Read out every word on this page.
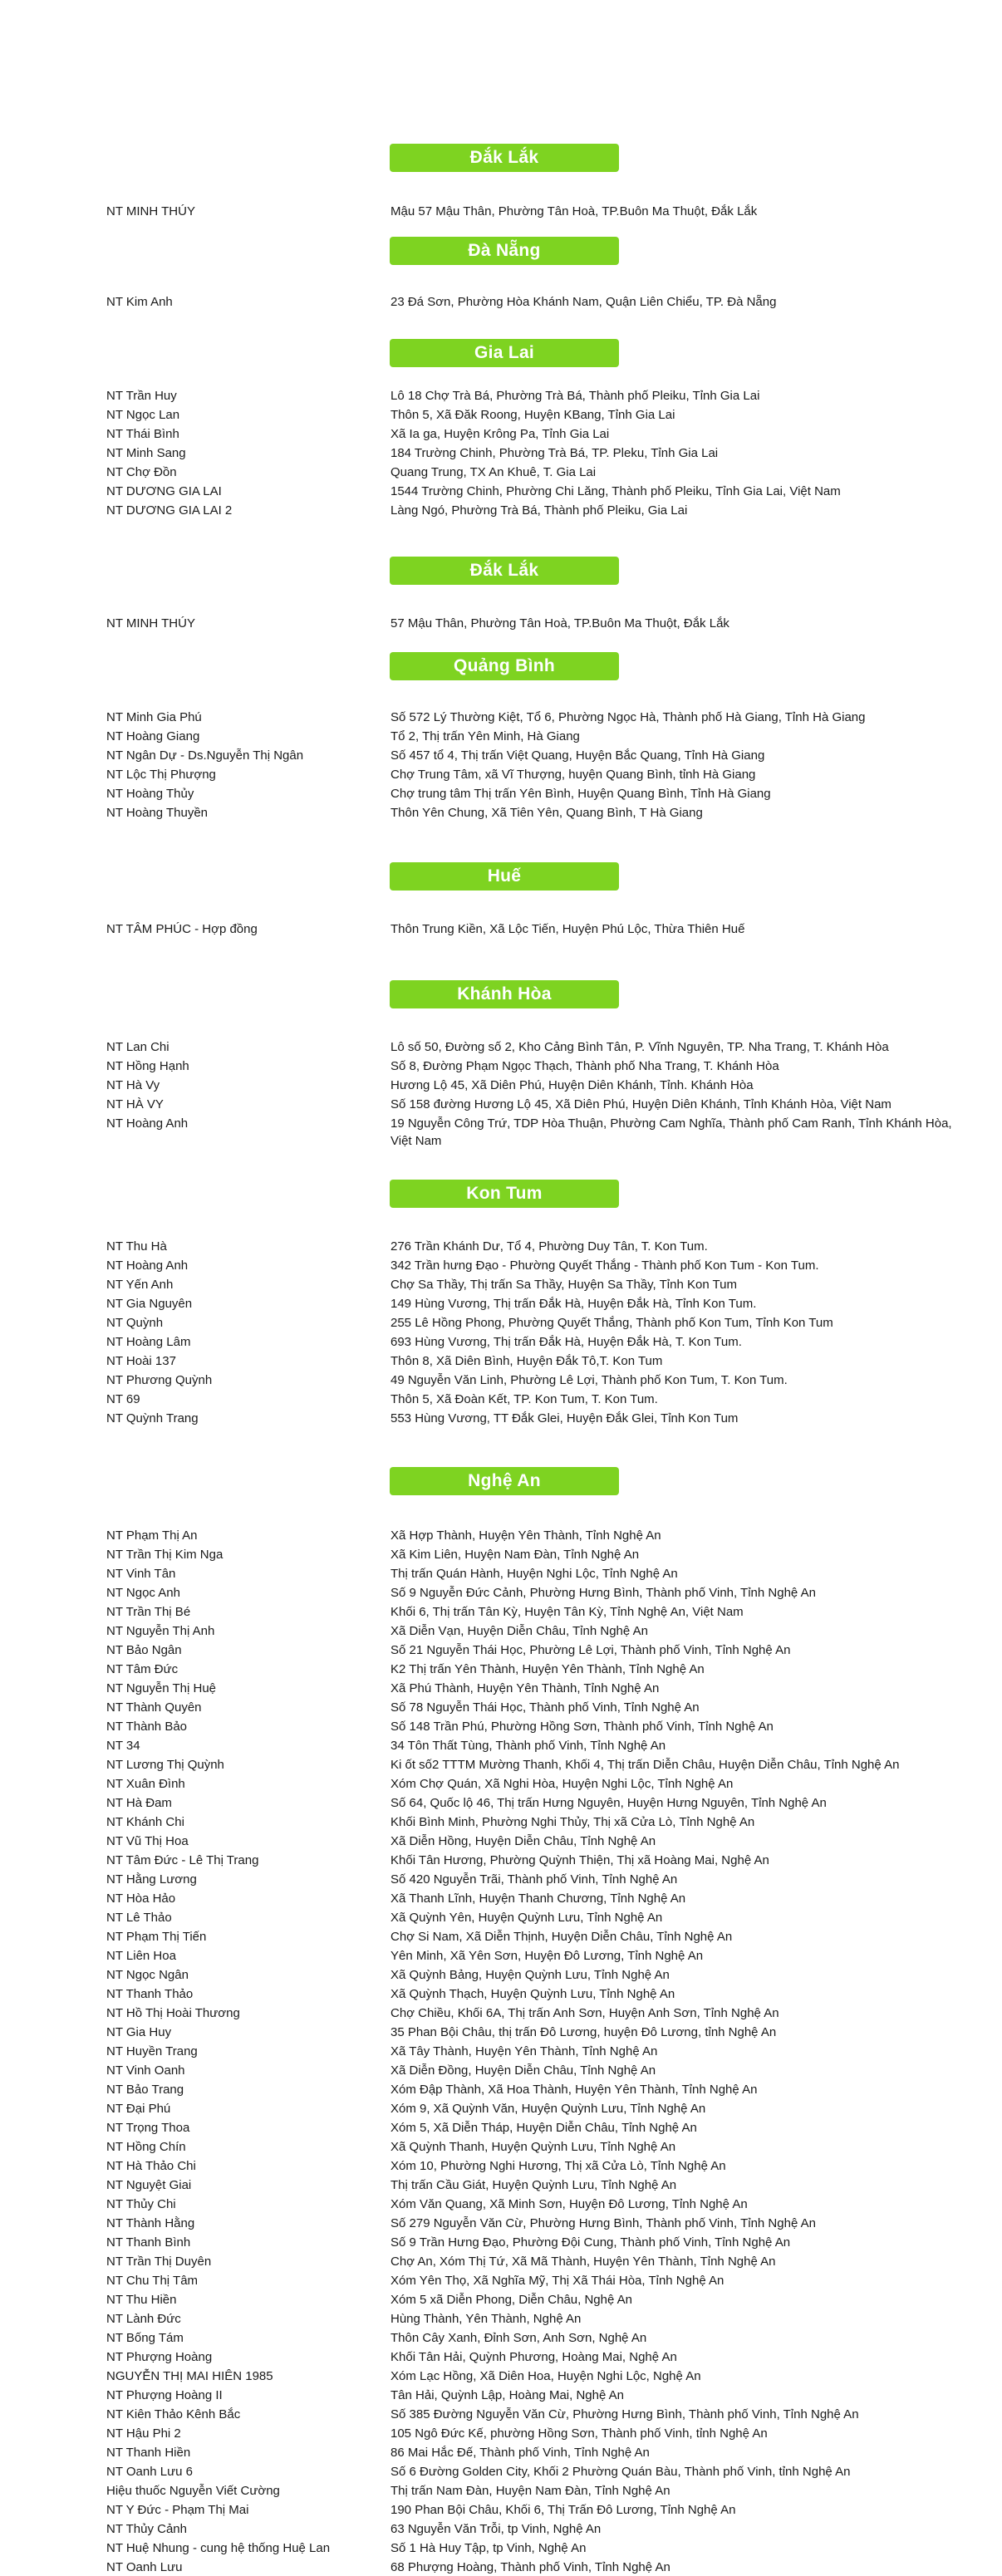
Đắk Lắk
NT MINH THÚY	Mậu 57 Mậu Thân, Phường Tân Hoà, TP.Buôn Ma Thuột, Đắk Lắk
Đà Nẵng
NT Kim Anh	23 Đá Sơn, Phường Hòa Khánh Nam, Quận Liên Chiểu, TP. Đà Nẵng
Gia Lai
NT Trần Huy	Lô 18 Chợ Trà Bá, Phường Trà Bá, Thành phố Pleiku, Tỉnh Gia Lai
NT Ngọc Lan	Thôn 5, Xã Đăk Roong, Huyện KBang, Tỉnh Gia Lai
NT Thái Bình	Xã Ia ga, Huyện Krông Pa, Tỉnh Gia Lai
NT Minh Sang	184 Trường Chinh, Phường Trà Bá, TP. Pleku, Tỉnh Gia Lai
NT Chợ Đồn	Quang Trung, TX An Khuê, T. Gia Lai
NT DƯƠNG GIA LAI	1544 Trường Chinh, Phường Chi Lăng, Thành phố Pleiku, Tỉnh Gia Lai, Việt Nam
NT DƯƠNG GIA LAI 2	Làng Ngó, Phường Trà Bá, Thành phố Pleiku, Gia Lai
Đắk Lắk
NT MINH THÚY	57 Mậu Thân, Phường Tân Hoà, TP.Buôn Ma Thuột, Đắk Lắk
Quảng Bình
NT Minh Gia Phú	Số 572 Lý Thường Kiệt, Tổ 6, Phường Ngọc Hà, Thành phố Hà Giang, Tỉnh Hà Giang
NT Hoàng Giang	Tổ 2, Thị trấn Yên Minh, Hà Giang
NT Ngân Dự - Ds.Nguyễn Thị Ngân	Số 457 tổ 4, Thị trấn Việt Quang, Huyện Bắc Quang, Tỉnh Hà Giang
NT Lộc Thị Phượng	Chợ Trung Tâm, xã Vĩ Thượng, huyện Quang Bình, tỉnh Hà Giang
NT Hoàng Thủy	Chợ trung tâm Thị trấn Yên Bình, Huyện Quang Bình, Tỉnh Hà Giang
NT Hoàng Thuyền	Thôn Yên Chung, Xã Tiên Yên, Quang Bình, T Hà Giang
Huế
NT TÂM PHÚC - Hợp đồng	Thôn Trung Kiền, Xã Lộc Tiến, Huyện Phú Lộc, Thừa Thiên Huế
Khánh Hòa
NT Lan Chi	Lô số 50, Đường số 2, Kho Cảng Bình Tân, P. Vĩnh Nguyên, TP. Nha Trang, T. Khánh Hòa
NT Hồng Hạnh	Số 8, Đường Phạm Ngọc Thạch, Thành phố Nha Trang, T. Khánh Hòa
NT Hà Vy	Hương Lộ 45, Xã Diên Phú, Huyện Diên Khánh, Tỉnh. Khánh Hòa
NT HÀ VY	Số 158 đường Hương Lộ 45, Xã Diên Phú, Huyện Diên Khánh, Tỉnh Khánh Hòa, Việt Nam
NT Hoàng Anh	19 Nguyễn Công Trứ, TDP Hòa Thuận, Phường Cam Nghĩa, Thành phố Cam Ranh, Tỉnh Khánh Hòa, Việt Nam
Kon Tum
NT Thu Hà	276 Trần Khánh Dư, Tổ 4, Phường Duy Tân, T. Kon Tum.
NT Hoàng Anh	342 Trần hưng Đạo - Phường Quyết Thắng - Thành phố Kon Tum - Kon Tum.
NT Yến Anh	Chợ Sa Thầy, Thị trấn Sa Thầy, Huyện Sa Thầy, Tỉnh Kon Tum
NT Gia Nguyên	149 Hùng Vương, Thị trấn Đắk Hà, Huyện Đắk Hà, Tỉnh Kon Tum.
NT Quỳnh	255 Lê Hồng Phong, Phường Quyết Thắng, Thành phố Kon Tum, Tỉnh Kon Tum
NT Hoàng Lâm	693 Hùng Vương, Thị trấn Đắk Hà, Huyện Đắk Hà, T. Kon Tum.
NT Hoài 137	Thôn 8, Xã Diên Bình, Huyện Đắk Tô,T. Kon Tum
NT Phương Quỳnh	49 Nguyễn Văn Linh, Phường Lê Lợi, Thành phố Kon Tum, T. Kon Tum.
NT 69	Thôn 5, Xã Đoàn Kết, TP. Kon Tum, T. Kon Tum.
NT Quỳnh Trang	553 Hùng Vương, TT Đắk Glei, Huyện Đắk Glei, Tỉnh Kon Tum
Nghệ An
NT Phạm Thị An	Xã Hợp Thành, Huyện Yên Thành, Tỉnh Nghệ An
NT Trần Thị Kim Nga	Xã Kim Liên, Huyện Nam Đàn, Tỉnh Nghệ An
NT Vinh Tân	Thị trấn Quán Hành, Huyện Nghi Lộc, Tỉnh Nghệ An
NT Ngọc Anh	Số 9 Nguyễn Đức Cảnh, Phường Hưng Bình, Thành phố Vinh, Tỉnh Nghệ An
NT Trần Thị Bé	Khối 6, Thị trấn Tân Kỳ, Huyện Tân Kỳ, Tỉnh Nghệ An, Việt Nam
NT Nguyễn Thị Anh	Xã Diễn Vạn, Huyện Diễn Châu, Tỉnh Nghệ An
NT Bảo Ngân	Số 21 Nguyễn Thái Học, Phường Lê Lợi, Thành phố Vinh, Tỉnh Nghệ An
NT Tâm Đức	K2 Thị trấn Yên Thành, Huyện Yên Thành, Tỉnh Nghệ An
NT Nguyễn Thị Huệ	Xã Phú Thành, Huyện Yên Thành, Tỉnh Nghệ An
NT Thành Quyên	Số 78 Nguyễn Thái Học, Thành phố Vinh, Tỉnh Nghệ An
NT Thành Bảo	Số 148 Trần Phú, Phường Hồng Sơn, Thành phố Vinh, Tỉnh Nghệ An
NT 34	34 Tôn Thất Tùng, Thành phố Vinh, Tỉnh Nghệ An
NT Lương Thị Quỳnh	Ki ốt số2 TTTM Mường Thanh, Khối 4, Thị trấn Diễn Châu, Huyện Diễn Châu, Tỉnh Nghệ An
NT Xuân Đình	Xóm Chợ Quán, Xã Nghi Hòa, Huyện Nghi Lộc, Tỉnh Nghệ An
NT Hà Đam	Số 64, Quốc lộ 46, Thị trấn Hưng Nguyên, Huyện Hưng Nguyên, Tỉnh Nghệ An
NT Khánh Chi	Khối Bình Minh, Phường Nghi Thủy, Thị xã Cửa Lò, Tỉnh Nghệ An
NT Vũ Thị Hoa	Xã Diễn Hồng, Huyện Diễn Châu, Tỉnh Nghệ An
NT Tâm Đức - Lê Thị Trang	Khối Tân Hương, Phường Quỳnh Thiện, Thị xã Hoàng Mai, Nghệ An
NT Hằng Lương	Số 420 Nguyễn Trãi, Thành phố Vinh, Tỉnh Nghệ An
NT Hòa Hảo	Xã Thanh Lĩnh, Huyện Thanh Chương, Tỉnh Nghệ An
NT Lê Thảo	Xã Quỳnh Yên, Huyện Quỳnh Lưu, Tỉnh Nghệ An
NT Phạm Thị Tiến	Chợ Si Nam, Xã Diễn Thịnh, Huyện Diễn Châu, Tỉnh Nghệ An
NT Liên Hoa	Yên Minh, Xã Yên Sơn, Huyện Đô Lương, Tỉnh Nghệ An
NT Ngọc Ngân	Xã Quỳnh Bảng, Huyện Quỳnh Lưu, Tỉnh Nghệ An
NT Thanh Thảo	Xã Quỳnh Thạch, Huyện Quỳnh Lưu, Tỉnh Nghệ An
NT Hồ Thị Hoài Thương	Chợ Chiều, Khối 6A, Thị trấn Anh Sơn, Huyện Anh Sơn, Tỉnh Nghệ An
NT Gia Huy	35 Phan Bội Châu, thị trấn Đô Lương, huyện Đô Lương, tỉnh Nghệ An
NT Huyền Trang	Xã Tây Thành, Huyện Yên Thành, Tỉnh Nghệ An
NT Vinh Oanh	Xã Diễn Đồng, Huyện Diễn Châu, Tỉnh Nghệ An
NT Bảo Trang	Xóm Đập Thành, Xã Hoa Thành, Huyện Yên Thành, Tỉnh Nghệ An
NT Đại Phú	Xóm 9, Xã Quỳnh Văn, Huyện Quỳnh Lưu, Tỉnh Nghệ An
NT Trọng Thoa	Xóm 5, Xã Diễn Tháp, Huyện Diễn Châu, Tỉnh Nghệ An
NT Hồng Chín	Xã Quỳnh Thanh, Huyện Quỳnh Lưu, Tỉnh Nghệ An
NT Hà Thảo Chi	Xóm 10, Phường Nghi Hương, Thị xã Cửa Lò, Tỉnh Nghệ An
NT Nguyệt Giai	Thị trấn Cầu Giát, Huyện Quỳnh Lưu, Tỉnh Nghệ An
NT Thủy Chi	Xóm Văn Quang, Xã Minh Sơn, Huyện Đô Lương, Tỉnh Nghệ An
NT Thành Hằng	Số 279 Nguyễn Văn Cừ, Phường Hưng Bình, Thành phố Vinh, Tỉnh Nghệ An
NT Thanh Bình	Số 9 Trần Hưng Đạo, Phường Đội Cung, Thành phố Vinh, Tỉnh Nghệ An
NT Trần Thị Duyên	Chợ An, Xóm Thị Tứ, Xã Mã Thành, Huyện Yên Thành, Tỉnh Nghệ An
NT Chu Thị Tâm	Xóm Yên Thọ, Xã Nghĩa Mỹ, Thị Xã Thái Hòa, Tỉnh Nghệ An
NT Thu Hiền	Xóm 5 xã Diễn Phong, Diễn Châu, Nghệ An
NT Lành Đức	Hùng Thành, Yên Thành, Nghệ An
NT Bống Tám	Thôn Cây Xanh, Đỉnh Sơn, Anh Sơn, Nghệ An
NT Phượng Hoàng	Khối Tân Hải, Quỳnh Phương, Hoàng Mai, Nghệ An
NGUYỄN THỊ MAI HIÊN 1985	Xóm Lạc Hồng, Xã Diên Hoa, Huyện Nghi Lộc, Nghệ An
NT Phượng Hoàng II	Tân Hải, Quỳnh Lập, Hoàng Mai, Nghệ An
NT Kiên Thảo Kênh Bắc	Số 385 Đường Nguyễn Văn Cừ, Phường Hưng Bình, Thành phố Vinh, Tỉnh Nghệ An
NT Hậu Phi 2	105 Ngô Đức Kế, phường Hồng Sơn, Thành phố Vinh, tỉnh Nghệ An
NT Thanh Hiền	86 Mai Hắc Đế, Thành phố Vinh, Tỉnh Nghệ An
NT Oanh Lưu 6	Số 6 Đường Golden City, Khối 2 Phường Quán Bàu, Thành phố Vinh, tỉnh Nghệ An
Hiệu thuốc Nguyễn Viết Cường	Thị trấn Nam Đàn, Huyện Nam Đàn, Tỉnh Nghệ An
NT Y Đức - Phạm Thị Mai	190 Phan Bội Châu, Khối 6, Thị Trấn Đô Lương, Tỉnh Nghệ An
NT Thủy Cảnh	63 Nguyễn Văn Trỗi, tp Vinh, Nghệ An
NT Huệ Nhung - cung hệ thống Huệ Lan	Số 1 Hà Huy Tập, tp Vinh, Nghệ An
NT Oanh Lưu	68 Phượng Hoàng, Thành phố Vinh, Tỉnh Nghệ An
